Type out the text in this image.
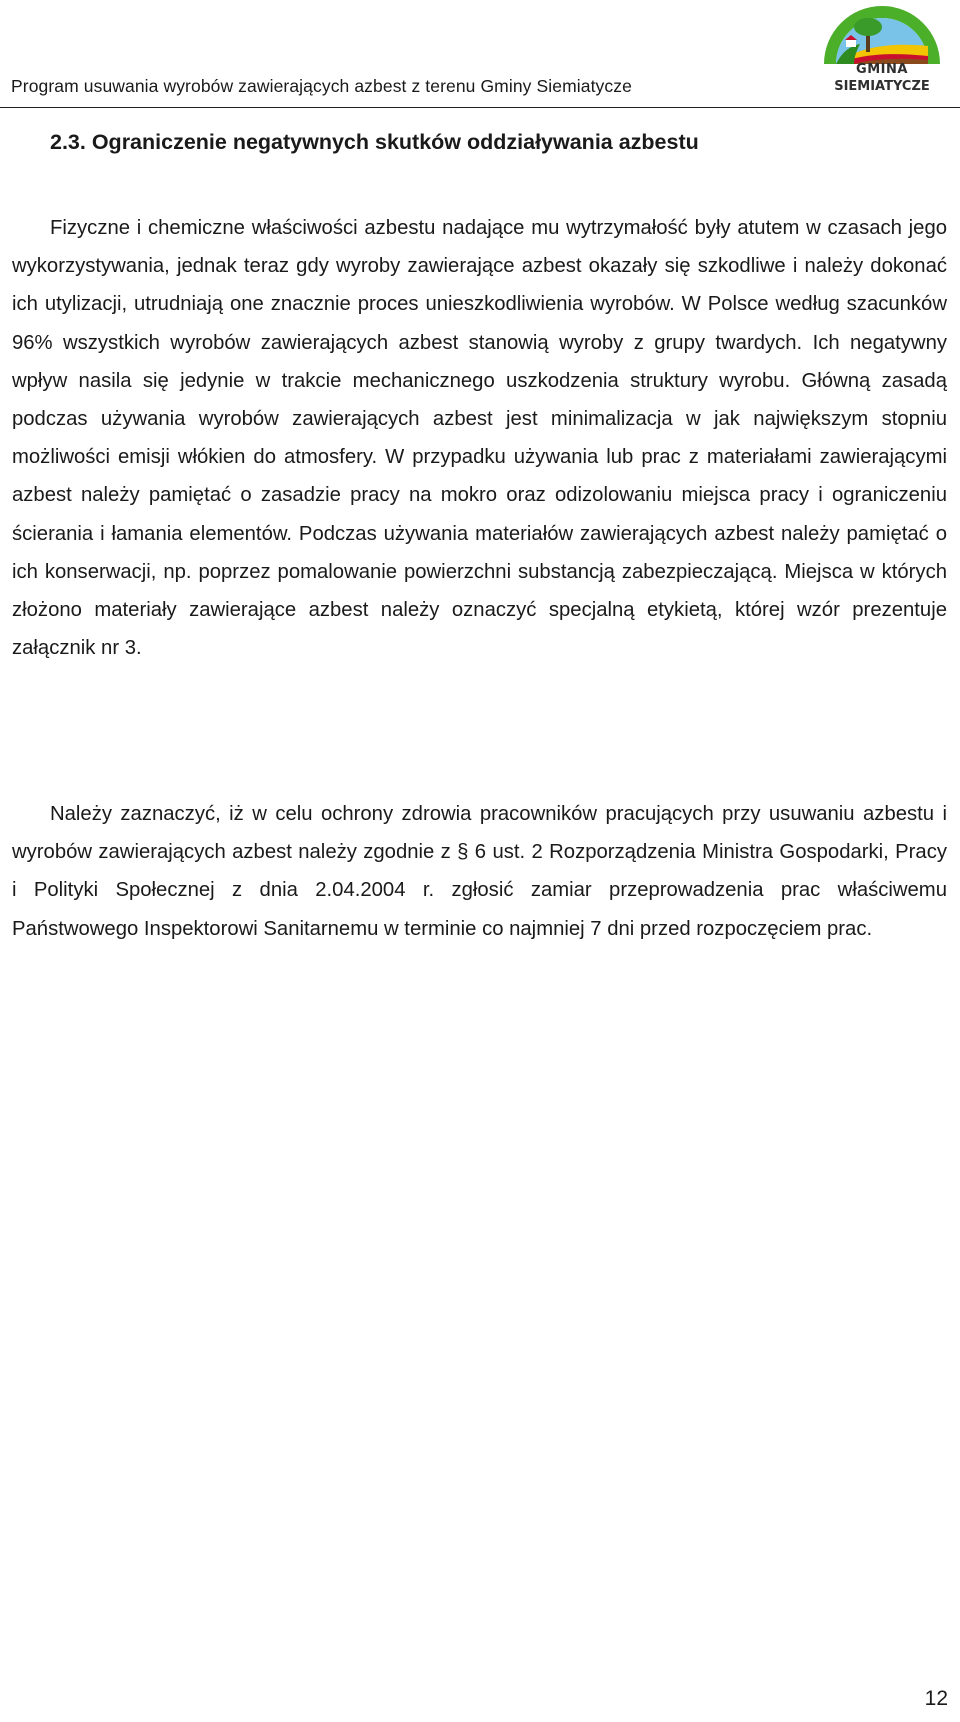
Program usuwania wyrobów zawierających azbest z terenu Gminy Siemiatycze
GMINA
SIEMIATYCZE
2.3. Ograniczenie negatywnych skutków oddziaływania azbestu

Fizyczne i chemiczne właściwości azbestu nadające mu wytrzymałość były atutem w czasach jego wykorzystywania, jednak teraz gdy wyroby zawierające azbest okazały się szkodliwe i należy dokonać ich utylizacji, utrudniają one znacznie proces unieszkodliwienia wyrobów. W Polsce według szacunków 96% wszystkich wyrobów zawierających azbest stanowią wyroby z grupy twardych. Ich negatywny wpływ nasila się jedynie w trakcie mechanicznego uszkodzenia struktury wyrobu. Główną zasadą podczas używania wyrobów zawierających azbest jest minimalizacja w jak największym stopniu możliwości emisji włókien do atmosfery. W przypadku używania lub prac z materiałami zawierającymi azbest należy pamiętać o zasadzie pracy na mokro oraz odizolowaniu miejsca pracy i ograniczeniu ścierania i łamania elementów. Podczas używania materiałów zawierających azbest należy pamiętać o ich konserwacji, np. poprzez pomalowanie powierzchni substancją zabezpieczającą. Miejsca w których złożono materiały zawierające azbest należy oznaczyć specjalną etykietą, której wzór prezentuje załącznik nr 3.

Należy zaznaczyć, iż w celu ochrony zdrowia pracowników pracujących przy usuwaniu azbestu i wyrobów zawierających azbest należy zgodnie z § 6 ust. 2 Rozporządzenia Ministra Gospodarki, Pracy i Polityki Społecznej z dnia 2.04.2004 r. zgłosić zamiar przeprowadzenia prac właściwemu Państwowego Inspektorowi Sanitarnemu w terminie co najmniej 7 dni przed rozpoczęciem prac.

12
